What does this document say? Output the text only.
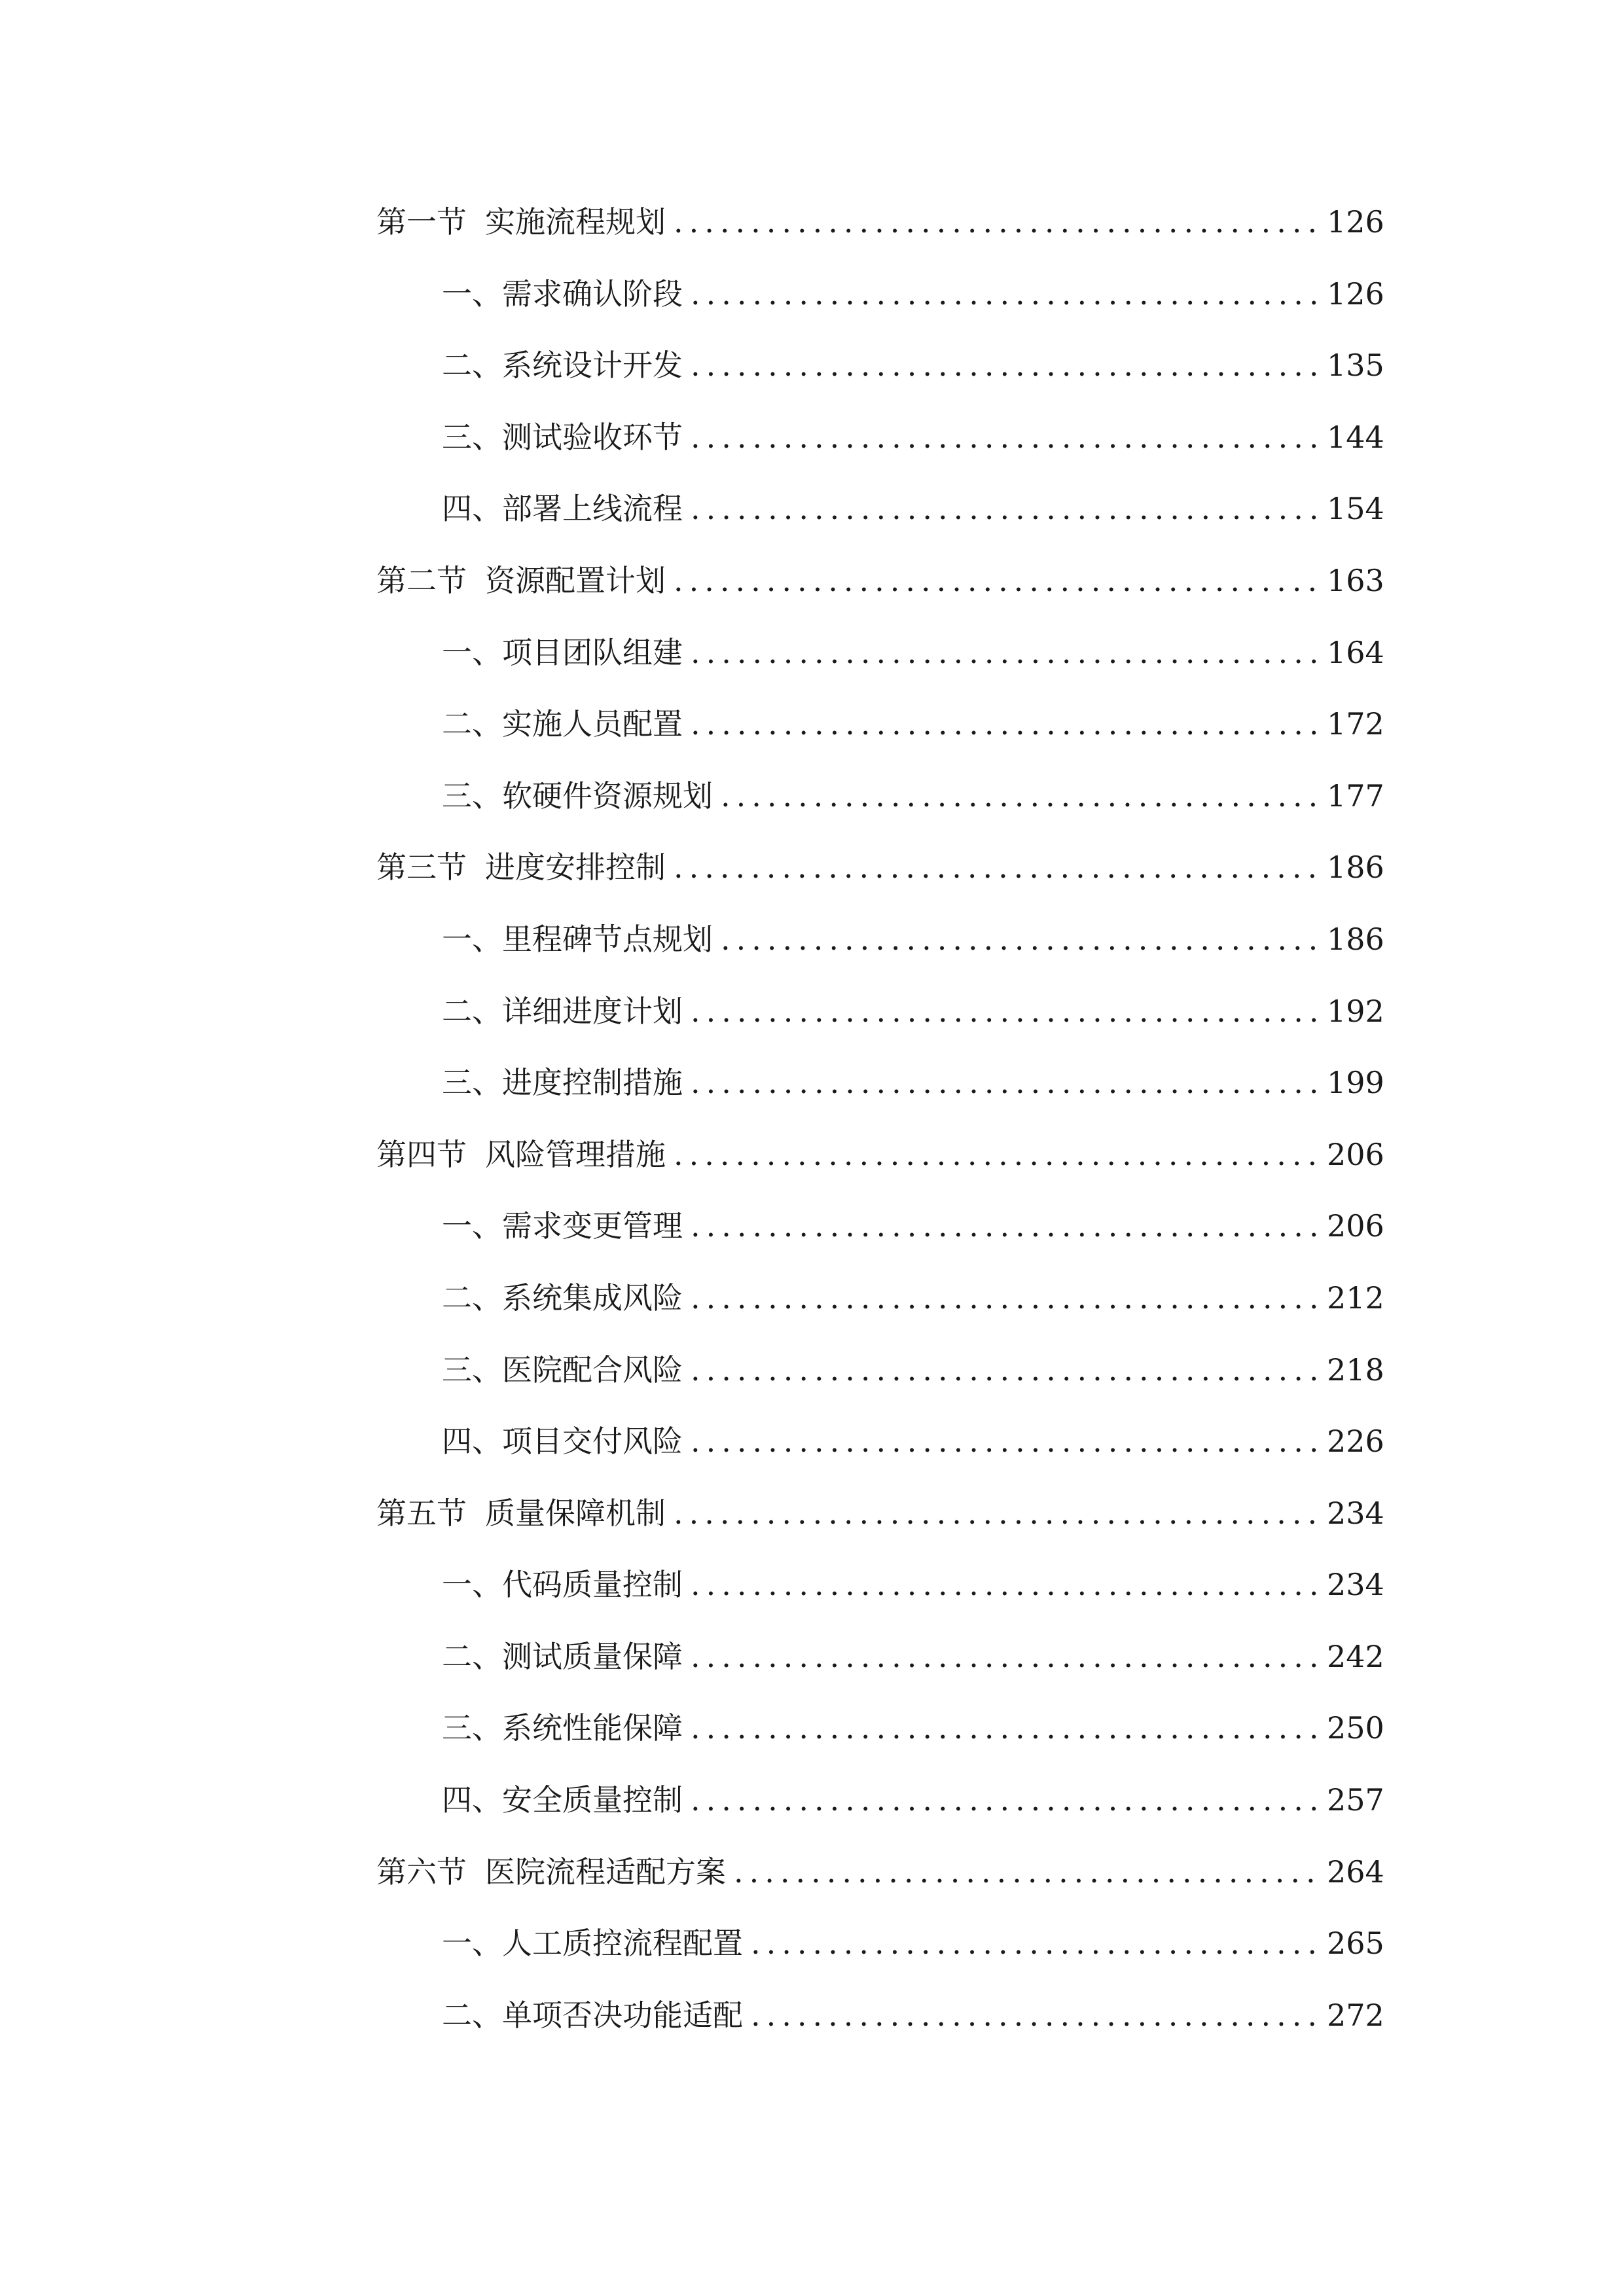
第一节 实施流程规划 .....	126
一、 需求确认阶段 .....	126
二、 系统设计开发 .....	135
三、 测试验收环节 .....	144
四、 部署上线流程 .....	154
第二节 资源配置计划 .....	163
一、 项目团队组建 .....	164
二、 实施人员配置 .....	172
三、 软硬件资源规划 .....	177
第三节 进度安排控制 .....	186
一、 里程碑节点规划 .....	186
二、 详细进度计划 .....	192
三、 进度控制措施 .....	199
第四节 风险管理措施 .....	206
一、 需求变更管理 .....	206
二、 系统集成风险 .....	212
三、 医院配合风险 .....	218
四、 项目交付风险 .....	226
第五节 质量保障机制 .....	234
一、 代码质量控制 .....	234
二、 测试质量保障 .....	242
三、 系统性能保障 .....	250
四、 安全质量控制 .....	257
第六节 医院流程适配方案 .....	264
一、 人工质控流程配置 .....	265
二、 单项否决功能适配 .....	272
